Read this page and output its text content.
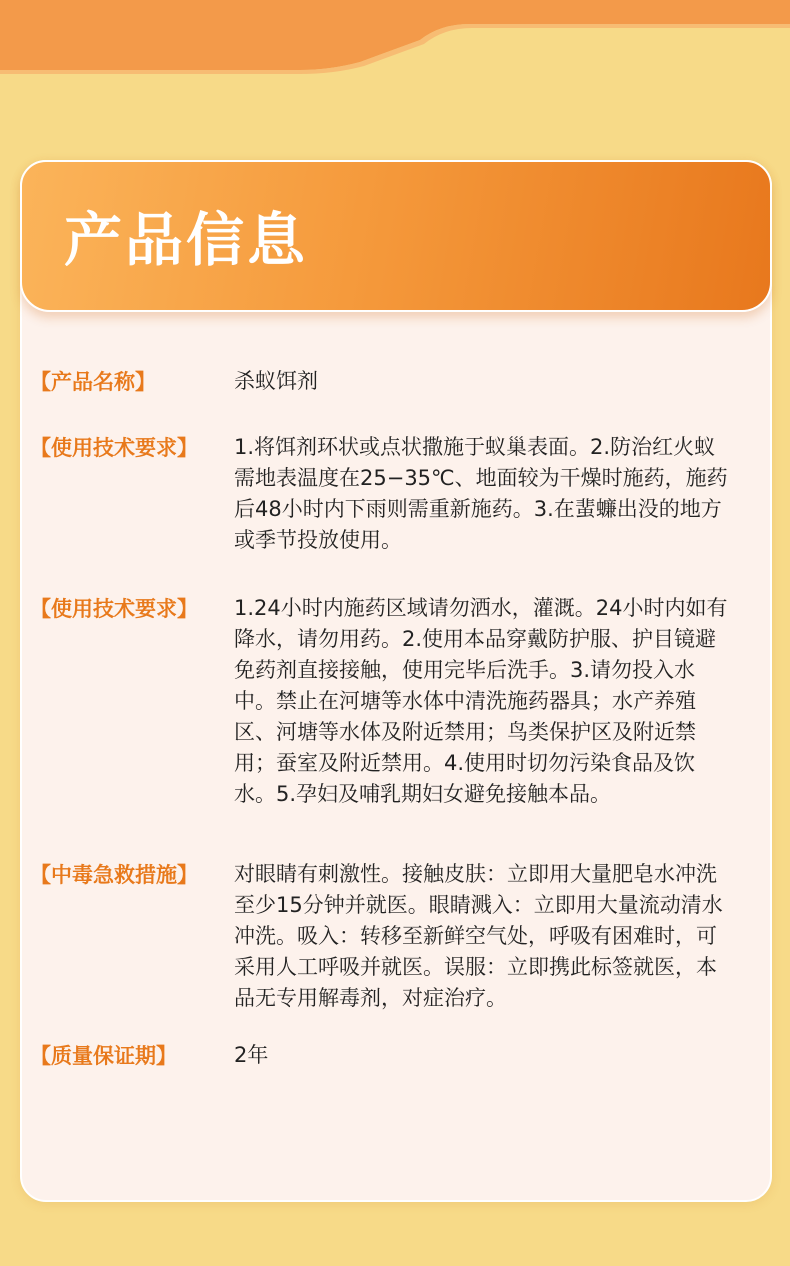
产品信息
【产品名称】	杀蚁饵剂
【使用技术要求】	1.将饵剂环状或点状撒施于蚁巢表面。2.防治红火蚁需地表温度在25−35℃、地面较为干燥时施药，施药后48小时内下雨则需重新施药。3.在蜚蠊出没的地方或季节投放使用。
【使用技术要求】	1.24小时内施药区域请勿洒水，灌溉。24小时内如有降水，请勿用药。2.使用本品穿戴防护服、护目镜避免药剂直接接触，使用完毕后洗手。3.请勿投入水中。禁止在河塘等水体中清洗施药器具；水产养殖区、河塘等水体及附近禁用；鸟类保护区及附近禁用；蚕室及附近禁用。4.使用时切勿污染食品及饮水。5.孕妇及哺乳期妇女避免接触本品。
【中毒急救措施】	对眼睛有刺激性。接触皮肤：立即用大量肥皂水冲洗至少15分钟并就医。眼睛溅入：立即用大量流动清水冲洗。吸入：转移至新鲜空气处，呼吸有困难时，可采用人工呼吸并就医。误服：立即携此标签就医，本品无专用解毒剂，对症治疗。
【质量保证期】	2年
